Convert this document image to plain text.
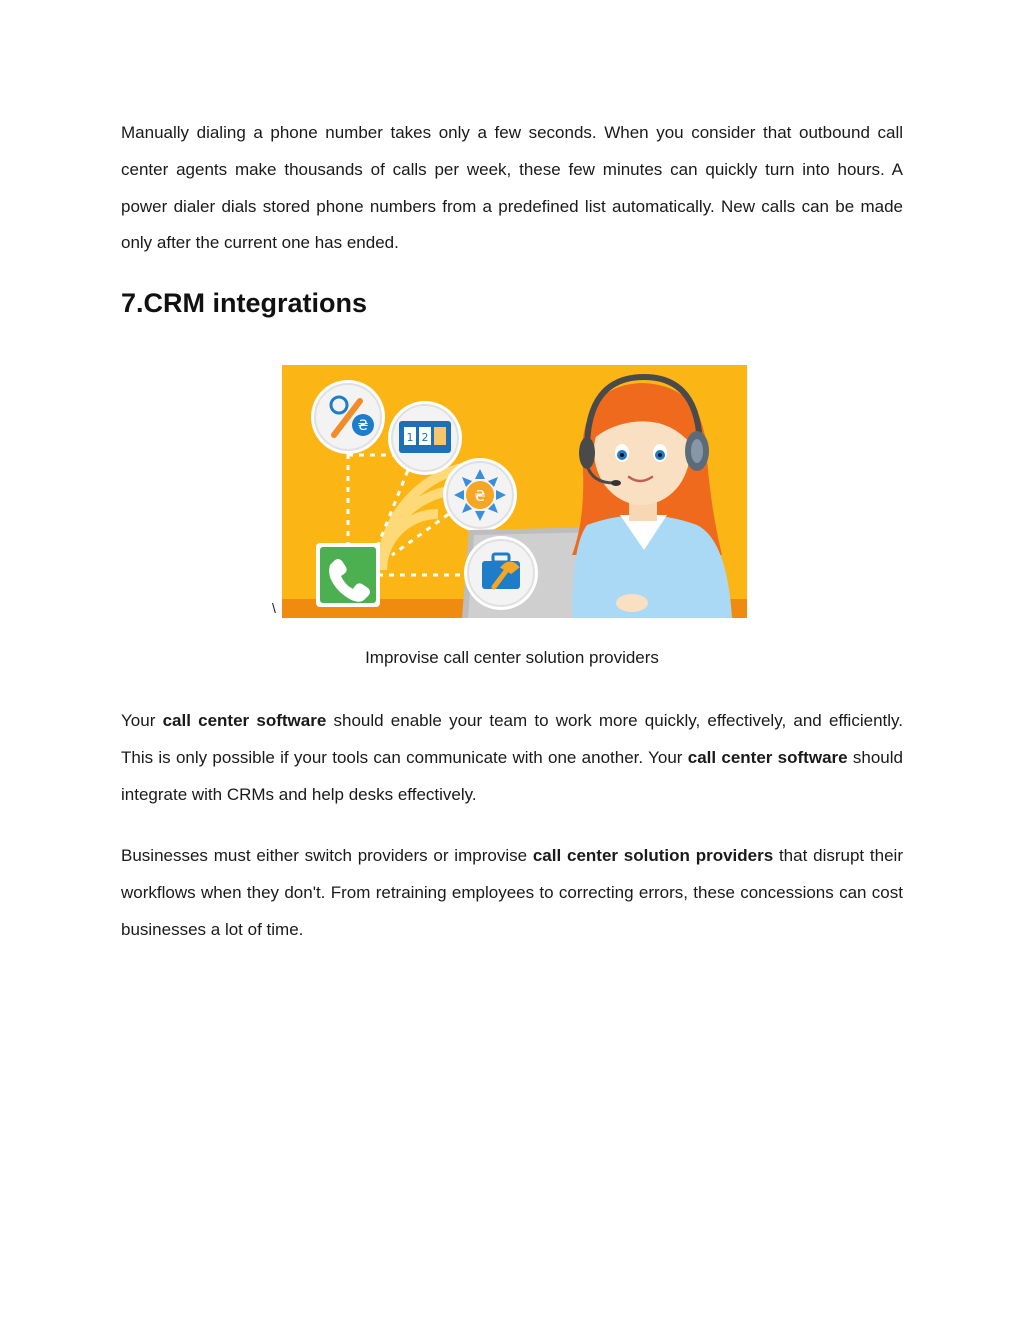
Manually dialing a phone number takes only a few seconds. When you consider that outbound call center agents make thousands of calls per week, these few minutes can quickly turn into hours. A power dialer dials stored phone numbers from a predefined list automatically. New calls can be made only after the current one has ended.

7.CRM integrations
\
₴
1 2
₴

Improvise call center solution providers

Your call center software should enable your team to work more quickly, effectively, and efficiently. This is only possible if your tools can communicate with one another. Your call center software should integrate with CRMs and help desks effectively.

Businesses must either switch providers or improvise call center solution providers that disrupt their workflows when they don't. From retraining employees to correcting errors, these concessions can cost businesses a lot of time.
